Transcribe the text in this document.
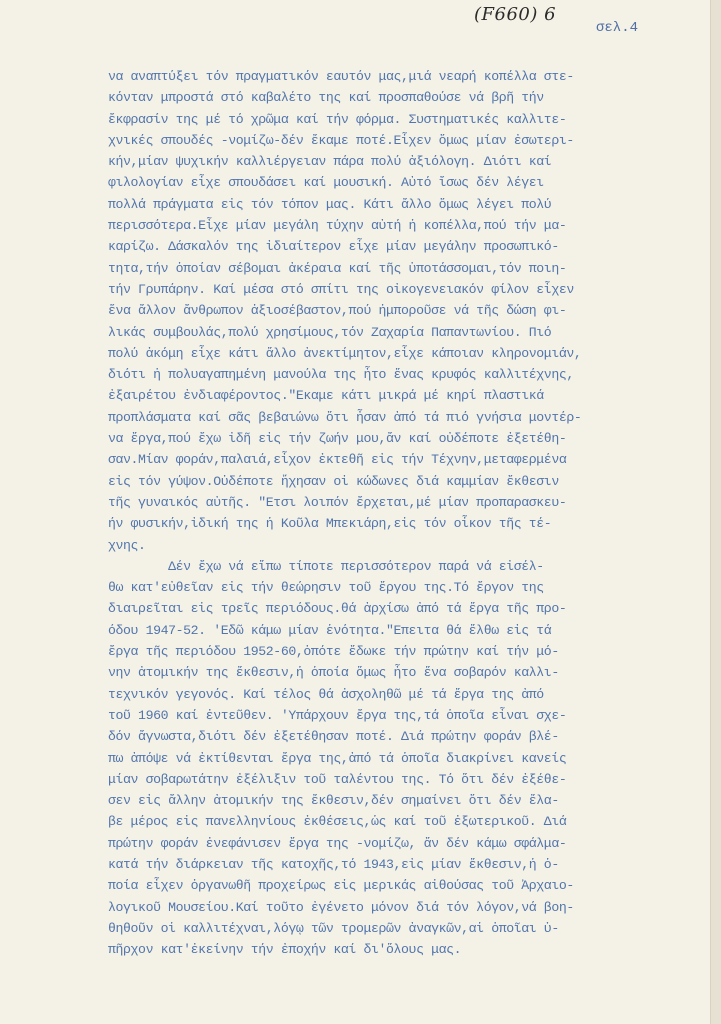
(F660) 6
σελ.4
να αναπτύξει τόν πραγματικόν εαυτόν μας,μιά νεαρή κοπέλλα στε-
κόνταν μπροστά στό καβαλέτο της καί προσπαθούσε νά βρῆ τήν
ἔκφρασίν της μέ τό χρῶμα καί τήν φόρμα. Συστηματικές καλλιτε-
χνικές σπουδές -νομίζω-δέν ἔκαμε ποτέ.Εἶχεν ὅμως μίαν ἐσωτερι-
κήν,μίαν ψυχικήν καλλιέργειαν πάρα πολύ ἀξιόλογη. Διότι καί
φιλολογίαν εἶχε σπουδάσει καί μουσική. Αὐτό ἴσως δέν λέγει
πολλά πράγματα εἰς τόν τόπον μας. Κάτι ἄλλο ὅμως λέγει πολύ
περισσότερα.Εἶχε μίαν μεγάλη τύχην αὐτή ἡ κοπέλλα,πού τήν μα-
καρίζω. Δάσκαλόν της ἰδιαίτερον εἶχε μίαν μεγάλην προσωπικό-
τητα,τήν ὁποίαν σέβομαι ἀκέραια καί τῆς ὑποτάσσομαι,τόν ποιη-
τήν Γρυπάρην. Καί μέσα στό σπίτι της οἰκογενειακόν φίλον εἶχεν
ἕνα ἄλλον ἄνθρωπον ἀξιοσέβαστον,πού ἠμποροῦσε νά τῆς δώση φι-
λικάς συμβουλάς,πολύ χρησίμους,τόν Ζαχαρία Παπαντωνίου. Πιό
πολύ ἀκόμη εἶχε κάτι ἄλλο ἀνεκτίμητον,εἶχε κάποιαν κληρονομιάν,
διότι ἡ πολυαγαπημένη μανούλα της ἦτο ἕνας κρυφός καλλιτέχνης,
ἐξαιρέτου ἐνδιαφέροντος."Εκαμε κάτι μικρά μέ κηρί πλαστικά
προπλάσματα καί σᾶς βεβαιώνω ὅτι ἦσαν ἀπό τά πιό γνήσια μοντέρ-
να ἔργα,πού ἔχω ἰδῆ εἰς τήν ζωήν μου,ἄν καί οὐδέποτε ἐξετέθη-
σαν.Μίαν φοράν,παλαιά,εἶχον ἐκτεθῆ εἰς τήν Τέχνην,μεταφερμένα
εἰς τόν γύψον.Οὐδέποτε ἤχησαν οἱ κώδωνες διά καμμίαν ἔκθεσιν
τῆς γυναικός αὐτῆς. "Ετσι λοιπόν ἔρχεται,μέ μίαν προπαρασκευ-
ήν φυσικήν,ἰδική της ἡ Κοῦλα Μπεκιάρη,εἰς τόν οἶκον τῆς τέ-
χνης.
Δέν ἔχω νά εἴπω τίποτε περισσότερον παρά νά εἰσέλ-
θω κατ'εὐθεῖαν εἰς τήν θεώρησιν τοῦ ἔργου της.Τό ἔργον της
διαιρεῖται εἰς τρεῖς περιόδους.θά ἀρχίσω ἀπό τά ἔργα τῆς προ-
όδου 1947-52. 'Εδῶ κάμω μίαν ἑνότητα."Επειτα θά ἔλθω εἰς τά
ἔργα τῆς περιόδου 1952-60,ὁπότε ἔδωκε τήν πρώτην καί τήν μό-
νην ἀτομικήν της ἔκθεσιν,ἡ ὁποία ὅμως ἦτο ἕνα σοβαρόν καλλι-
τεχνικόν γεγονός. Καί τέλος θά ἀσχοληθῶ μέ τά ἔργα της ἀπό
τοῦ 1960 καί ἐντεῦθεν. 'Υπάρχουν ἔργα της,τά ὁποῖα εἶναι σχε-
δόν ἄγνωστα,διότι δέν ἐξετέθησαν ποτέ. Διά πρώτην φοράν βλέ-
πω ἀπόψε νά ἐκτίθενται ἔργα της,ἀπό τά ὁποῖα διακρίνει κανείς
μίαν σοβαρωτάτην ἐξέλιξιν τοῦ ταλέντου της. Τό ὅτι δέν ἐξέθε-
σεν εἰς ἄλλην ἀτομικήν της ἔκθεσιν,δέν σημαίνει ὅτι δέν ἔλα-
βε μέρος εἰς πανελληνίους ἐκθέσεις,ὡς καί τοῦ ἐξωτερικοῦ. Διά
πρώτην φοράν ἐνεφάνισεν ἔργα της -νομίζω, ἄν δέν κάμω σφάλμα-
κατά τήν διάρκειαν τῆς κατοχῆς,τό 1943,εἰς μίαν ἔκθεσιν,ἡ ὁ-
ποία εἶχεν ὀργανωθῆ προχείρως εἰς μερικάς αἰθούσας τοῦ Ἀρχαιο-
λογικοῦ Μουσείου.Καί τοῦτο ἐγένετο μόνον διά τόν λόγον,νά βοη-
θηθοῦν οἱ καλλιτέχναι,λόγῳ τῶν τρομερῶν ἀναγκῶν,αἱ ὁποῖαι ὑ-
πῆρχον κατ'ἐκείνην τήν ἐποχήν καί δι'ὅλους μας.
